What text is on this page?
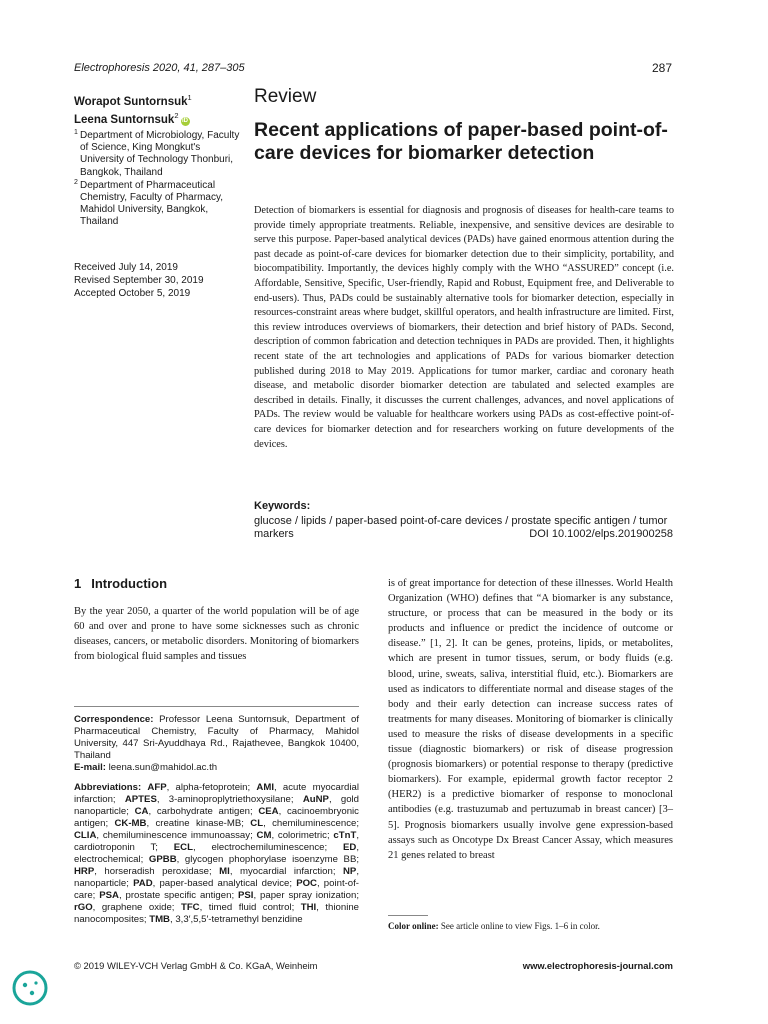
Electrophoresis 2020, 41, 287–305	287
Worapot Suntornsuk$^1$
Leena Suntornsuk$^2$iD
1 Department of Microbiology, Faculty of Science, King Mongkut's University of Technology Thonburi, Bangkok, Thailand
2 Department of Pharmaceutical Chemistry, Faculty of Pharmacy, Mahidol University, Bangkok, Thailand
Received July 14, 2019
Revised September 30, 2019
Accepted October 5, 2019
Review
Recent applications of paper-based point-of-care devices for biomarker detection
Detection of biomarkers is essential for diagnosis and prognosis of diseases for health-care teams to provide timely appropriate treatments. Reliable, inexpensive, and sensitive devices are desirable to serve this purpose. Paper-based analytical devices (PADs) have gained enormous attention during the past decade as point-of-care devices for biomarker detection due to their simplicity, portability, and biocompatibility. Importantly, the devices highly comply with the WHO “ASSURED” concept (i.e. Affordable, Sensitive, Specific, User-friendly, Rapid and Robust, Equipment free, and Deliverable to end-users). Thus, PADs could be sustainably alternative tools for biomarker detection, especially in resources-constraint areas where budget, skillful operators, and health infrastructure are limited. First, this review introduces overviews of biomarkers, their detection and brief history of PADs. Second, description of common fabrication and detection techniques in PADs are provided. Then, it highlights recent state of the art technologies and applications of PADs for various biomarker detection published during 2018 to May 2019. Applications for tumor marker, cardiac and coronary heath disease, and metabolic disorder biomarker detection are tabulated and selected examples are described in details. Finally, it discusses the current challenges, advances, and novel applications of PADs. The review would be valuable for healthcare workers using PADs as cost-effective point-of-care devices for biomarker detection and for researchers working on future developments of the devices.
Keywords:
glucose / lipids / paper-based point-of-care devices / prostate specific antigen / tumor markers	DOI 10.1002/elps.201900258
1 Introduction
By the year 2050, a quarter of the world population will be of age 60 and over and prone to have some sicknesses such as chronic diseases, cancers, or metabolic disorders. Monitoring of biomarkers from biological fluid samples and tissues
is of great importance for detection of these illnesses. World Health Organization (WHO) defines that “A biomarker is any substance, structure, or process that can be measured in the body or its products and influence or predict the incidence of outcome or disease.” [1, 2]. It can be genes, proteins, lipids, or metabolites, which are present in tumor tissues, serum, or body fluids (e.g. blood, urine, sweats, saliva, interstitial fluid, etc.). Biomarkers are used as indicators to differentiate normal and disease stages of the body and their early detection can increase success rates of treatments for many diseases. Monitoring of biomarker is clinically used to measure the risks of disease developments in a specific tissue (diagnostic biomarkers) or risk of disease progression (prognosis biomarkers) or potential response to therapy (predictive biomarkers). For example, epidermal growth factor receptor 2 (HER2) is a predictive biomarker of response to monoclonal antibodies (e.g. trastuzumab and pertuzumab in breast cancer) [3–5]. Prognosis biomarkers usually involve gene expression-based assays such as Oncotype Dx Breast Cancer Assay, which measures 21 genes related to breast
Correspondence: Professor Leena Suntornsuk, Department of Pharmaceutical Chemistry, Faculty of Pharmacy, Mahidol University, 447 Sri-Ayuddhaya Rd., Rajathevee, Bangkok 10400, Thailand
E-mail: leena.sun@mahidol.ac.th
Abbreviations: AFP, alpha-fetoprotein; AMI, acute myocardial infarction; APTES, 3-aminoproplytriethoxysilane; AuNP, gold nanoparticle; CA, carbohydrate antigen; CEA, cacinoembryonic antigen; CK-MB, creatine kinase-MB; CL, chemiluminescence; CLIA, chemiluminescence immunoassay; CM, colorimetric; cTnT, cardiotroponin T; ECL, electrochemiluminescence; ED, electrochemical; GPBB, glycogen phophorylase isoenzyme BB; HRP, horseradish peroxidase; MI, myocardial infarction; NP, nanoparticle; PAD, paper-based analytical device; POC, point-of-care; PSA, prostate specific antigen; PSI, paper spray ionization; rGO, graphene oxide; TFC, timed fluid control; THI, thionine nanocomposites; TMB, 3,3′,5,5′-tetramethyl benzidine
Color online: See article online to view Figs. 1–6 in color.
© 2019 WILEY-VCH Verlag GmbH & Co. KGaA, Weinheim	www.electrophoresis-journal.com
